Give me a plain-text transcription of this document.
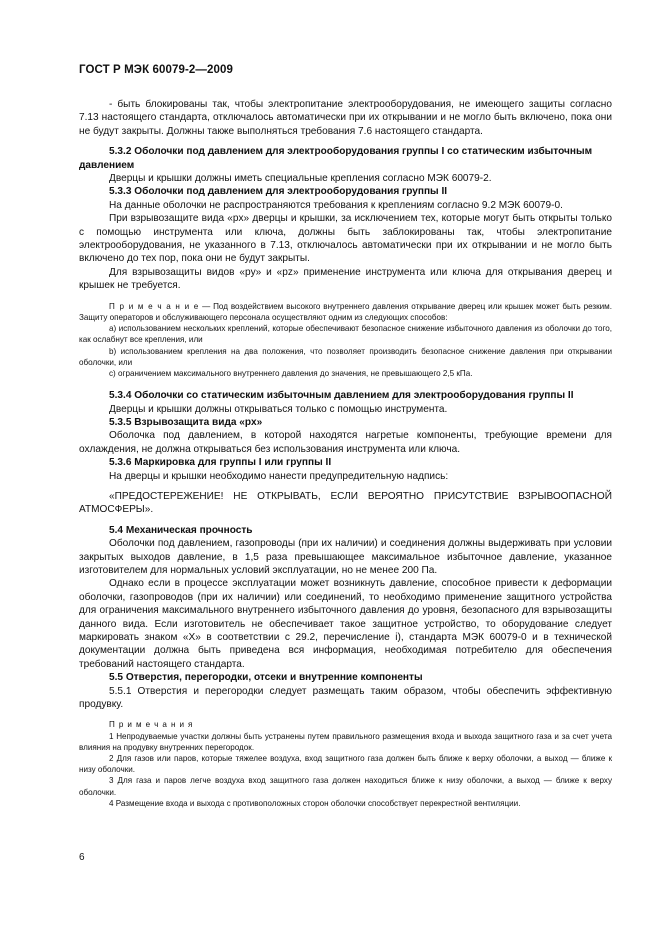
ГОСТ Р МЭК 60079-2—2009

- быть блокированы так, чтобы электропитание электрооборудования, не имеющего защиты согласно 7.13 настоящего стандарта, отключалось автоматически при их открывании и не могло быть включено, пока они не будут закрыты. Должны также выполняться требования 7.6 настоящего стандарта.

5.3.2 Оболочки под давлением для электрооборудования группы I со статическим избыточным давлением

Дверцы и крышки должны иметь специальные крепления согласно МЭК 60079-2.

5.3.3 Оболочки под давлением для электрооборудования группы II

На данные оболочки не распространяются требования к креплениям согласно 9.2 МЭК 60079-0.

При взрывозащите вида «px» дверцы и крышки, за исключением тех, которые могут быть открыты только с помощью инструмента или ключа, должны быть заблокированы так, чтобы электропитание электрооборудования, не указанного в 7.13, отключалось автоматически при их открывании и не могло быть включено до тех пор, пока они не будут закрыты.

Для взрывозащиты видов «py» и «pz» применение инструмента или ключа для открывания дверец и крышек не требуется.

П р и м е ч а н и е — Под воздействием высокого внутреннего давления открывание дверец или крышек может быть резким. Защиту операторов и обслуживающего персонала осуществляют одним из следующих способов:

a) использованием нескольких креплений, которые обеспечивают безопасное снижение избыточного давления из оболочки до того, как ослабнут все крепления, или

b) использованием крепления на два положения, что позволяет производить безопасное снижение давления при открывании оболочки, или

c) ограничением максимального внутреннего давления до значения, не превышающего 2,5 кПа.

5.3.4 Оболочки со статическим избыточным давлением для электрооборудования группы II

Дверцы и крышки должны открываться только с помощью инструмента.

5.3.5 Взрывозащита вида «px»

Оболочка под давлением, в которой находятся нагретые компоненты, требующие времени для охлаждения, не должна открываться без использования инструмента или ключа.

5.3.6 Маркировка для группы I или группы II

На дверцы и крышки необходимо нанести предупредительную надпись:

«ПРЕДОСТЕРЕЖЕНИЕ! НЕ ОТКРЫВАТЬ, ЕСЛИ ВЕРОЯТНО ПРИСУТСТВИЕ ВЗРЫВООПАСНОЙ АТМОСФЕРЫ».

5.4 Механическая прочность

Оболочки под давлением, газопроводы (при их наличии) и соединения должны выдерживать при условии закрытых выходов давление, в 1,5 раза превышающее максимальное избыточное давление, указанное изготовителем для нормальных условий эксплуатации, но не менее 200 Па.

Однако если в процессе эксплуатации может возникнуть давление, способное привести к деформации оболочки, газопроводов (при их наличии) или соединений, то необходимо применение защитного устройства для ограничения максимального внутреннего избыточного давления до уровня, безопасного для взрывозащиты данного вида. Если изготовитель не обеспечивает такое защитное устройство, то оборудование следует маркировать знаком «X» в соответствии с 29.2, перечисление i), стандарта МЭК 60079-0 и в технической документации должна быть приведена вся информация, необходимая потребителю для обеспечения требований настоящего стандарта.

5.5 Отверстия, перегородки, отсеки и внутренние компоненты

5.5.1 Отверстия и перегородки следует размещать таким образом, чтобы обеспечить эффективную продувку.

П р и м е ч а н и я

1 Непродуваемые участки должны быть устранены путем правильного размещения входа и выхода защитного газа и за счет учета влияния на продувку внутренних перегородок.

2 Для газов или паров, которые тяжелее воздуха, вход защитного газа должен быть ближе к верху оболочки, а выход — ближе к низу оболочки.

3 Для газа и паров легче воздуха вход защитного газа должен находиться ближе к низу оболочки, а выход — ближе к верху оболочки.

4 Размещение входа и выхода с противоположных сторон оболочки способствует перекрестной вентиляции.

6
